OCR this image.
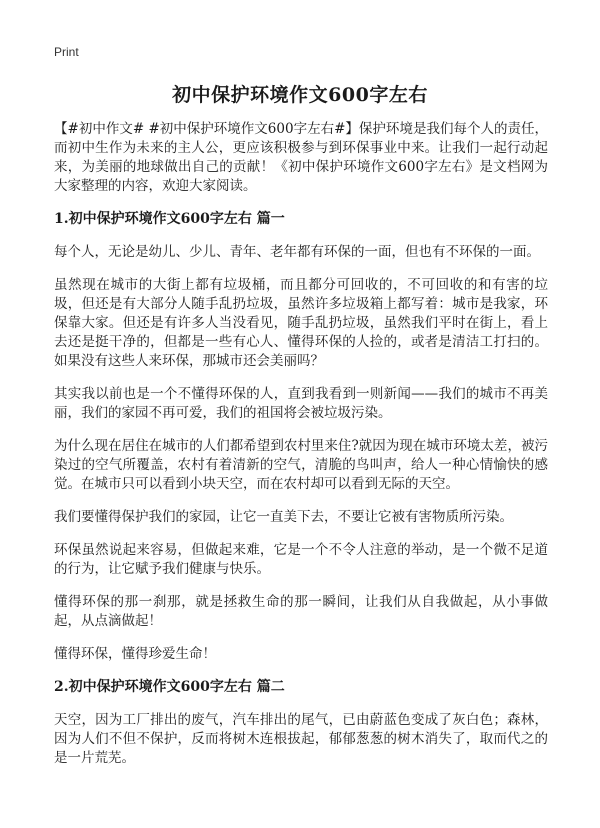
Print
初中保护环境作文600字左右

【#初中作文# #初中保护环境作文600字左右#】保护环境是我们每个人的责任，而初中生作为未来的主人公，更应该积极参与到环保事业中来。让我们一起行动起来，为美丽的地球做出自己的贡献！《初中保护环境作文600字左右》是文档网为大家整理的内容，欢迎大家阅读。

1.初中保护环境作文600字左右 篇一

每个人，无论是幼儿、少儿、青年、老年都有环保的一面，但也有不环保的一面。

虽然现在城市的大街上都有垃圾桶，而且都分可回收的，不可回收的和有害的垃圾，但还是有大部分人随手乱扔垃圾，虽然许多垃圾箱上都写着：城市是我家，环保靠大家。但还是有许多人当没看见，随手乱扔垃圾，虽然我们平时在街上，看上去还是挺干净的，但都是一些有心人、懂得环保的人捡的，或者是清洁工打扫的。如果没有这些人来环保，那城市还会美丽吗？

其实我以前也是一个不懂得环保的人，直到我看到一则新闻——我们的城市不再美丽，我们的家园不再可爱，我们的祖国将会被垃圾污染。

为什么现在居住在城市的人们都希望到农村里来住?就因为现在城市环境太差，被污染过的空气所覆盖，农村有着清新的空气，清脆的鸟叫声，给人一种心情愉快的感觉。在城市只可以看到小块天空，而在农村却可以看到无际的天空。

我们要懂得保护我们的家园，让它一直美下去，不要让它被有害物质所污染。

环保虽然说起来容易，但做起来难，它是一个不令人注意的举动，是一个微不足道的行为，让它赋予我们健康与快乐。

懂得环保的那一刹那，就是拯救生命的那一瞬间，让我们从自我做起，从小事做起，从点滴做起！

懂得环保，懂得珍爱生命！

2.初中保护环境作文600字左右 篇二

天空，因为工厂排出的废气，汽车排出的尾气，已由蔚蓝色变成了灰白色；森林，因为人们不但不保护，反而将树木连根拔起，郁郁葱葱的树木消失了，取而代之的是一片荒芜。
